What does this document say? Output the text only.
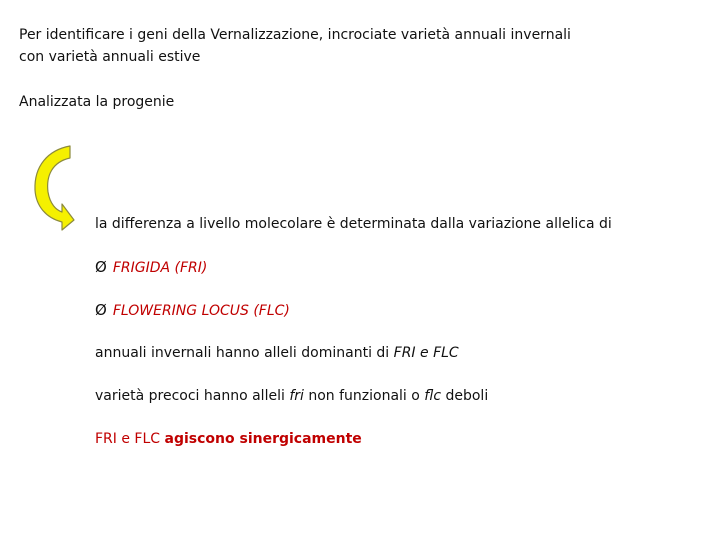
Per identificare i geni della Vernalizzazione, incrociate varietà annuali invernali
con varietà annuali estive
Analizzata la progenie
la differenza a livello molecolare è determinata dalla variazione allelica di
Ø FRIGIDA (FRI)
Ø FLOWERING LOCUS (FLC)
annuali invernali hanno alleli dominanti di FRI e FLC
varietà precoci hanno alleli fri non funzionali o flc deboli
FRI e FLC agiscono sinergicamente
